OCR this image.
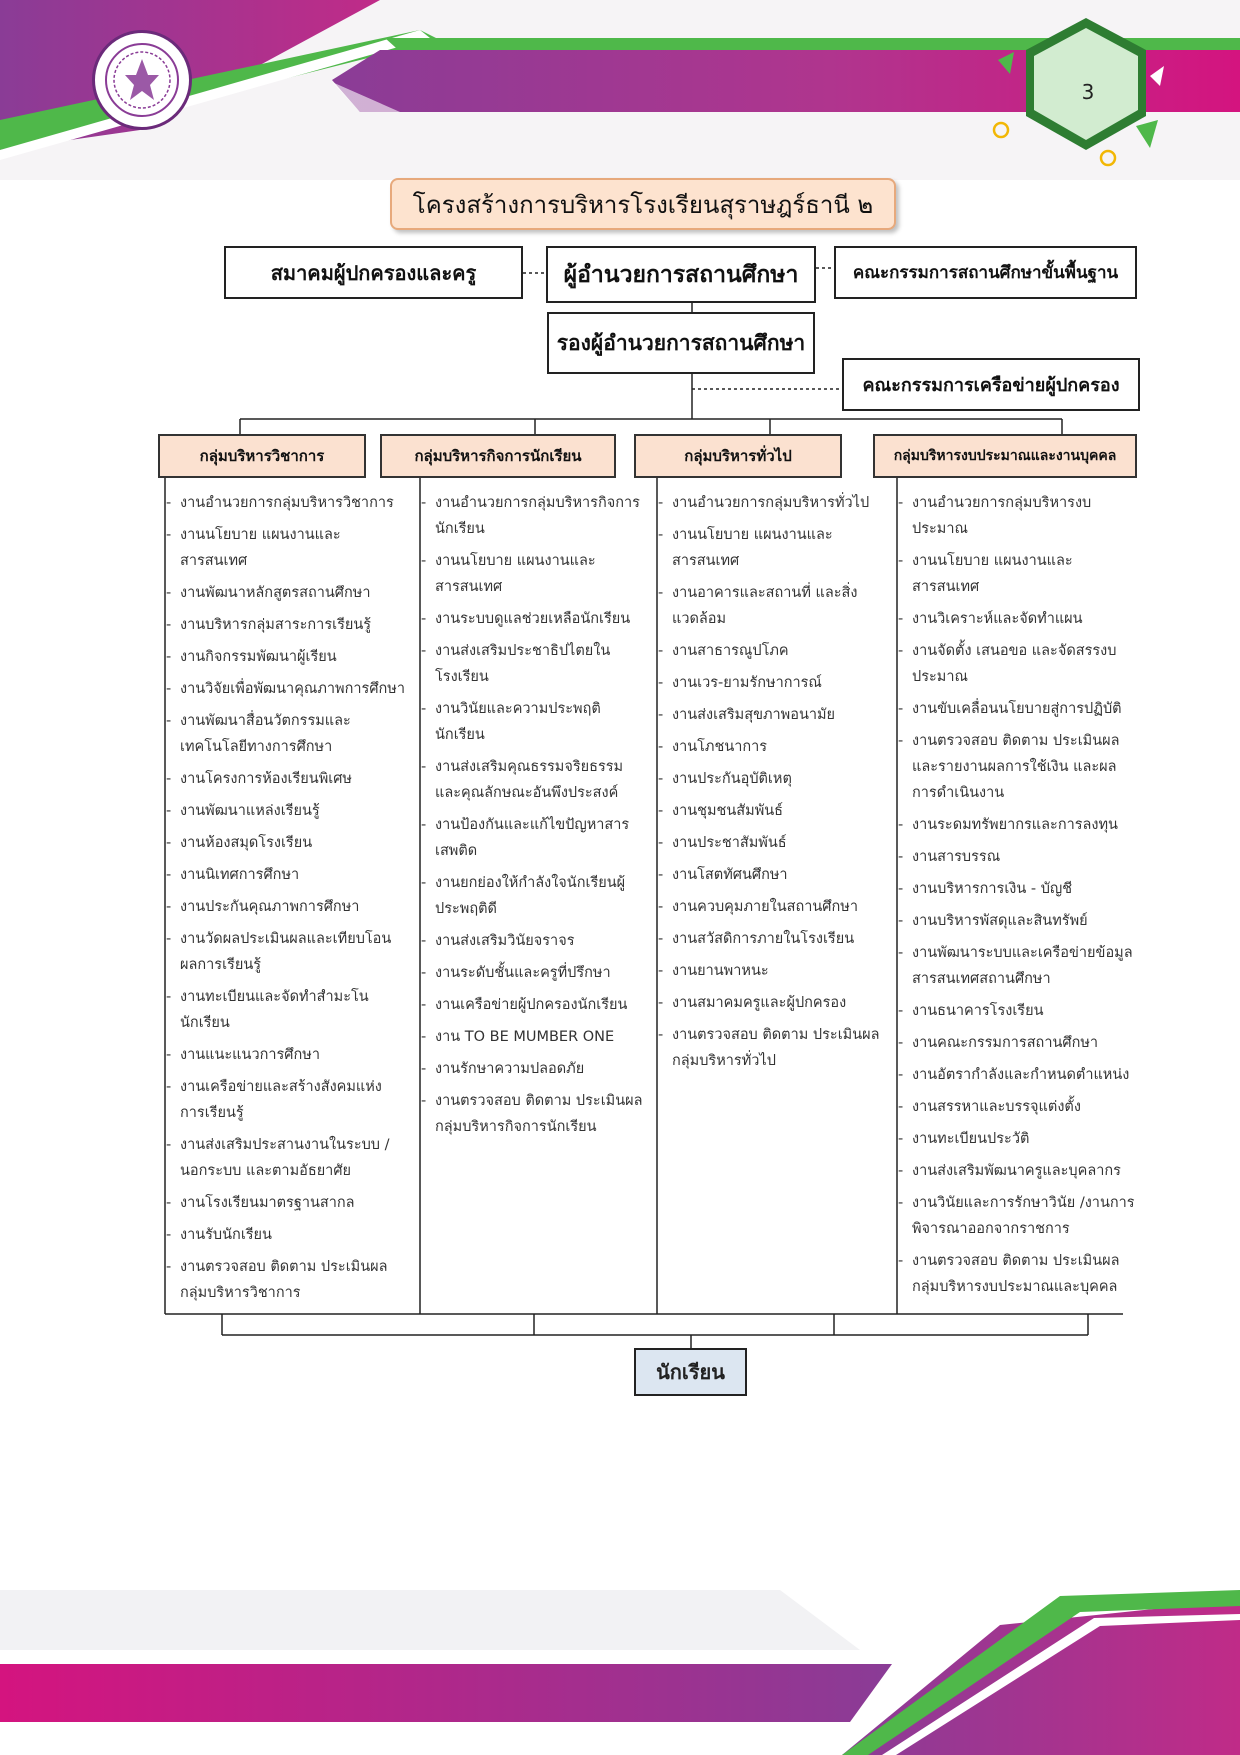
3
โครงสร้างการบริหารโรงเรียนสุราษฎร์ธานี ๒
สมาคมผู้ปกครองและครู	ผู้อำนวยการสถานศึกษา	คณะกรรมการสถานศึกษาขั้นพื้นฐาน
รองผู้อำนวยการสถานศึกษา
คณะกรรมการเครือข่ายผู้ปกครอง
กลุ่มบริหารวิชาการ	กลุ่มบริหารกิจการนักเรียน	กลุ่มบริหารทั่วไป	กลุ่มบริหารงบประมาณและงานบุคคล
- งานอำนวยการกลุ่มบริหารวิชาการ
- งานนโยบาย แผนงานและสารสนเทศ
- งานพัฒนาหลักสูตรสถานศึกษา
- งานบริหารกลุ่มสาระการเรียนรู้
- งานกิจกรรมพัฒนาผู้เรียน
- งานวิจัยเพื่อพัฒนาคุณภาพการศึกษา
- งานพัฒนาสื่อนวัตกรรมและเทคโนโลยีทางการศึกษา
- งานโครงการห้องเรียนพิเศษ
- งานพัฒนาแหล่งเรียนรู้
- งานห้องสมุดโรงเรียน
- งานนิเทศการศึกษา
- งานประกันคุณภาพการศึกษา
- งานวัดผลประเมินผลและเทียบโอนผลการเรียนรู้
- งานทะเบียนและจัดทำสำมะโนนักเรียน
- งานแนะแนวการศึกษา
- งานเครือข่ายและสร้างสังคมแห่งการเรียนรู้
- งานส่งเสริมประสานงานในระบบ / นอกระบบ และตามอัธยาศัย
- งานโรงเรียนมาตรฐานสากล
- งานรับนักเรียน
- งานตรวจสอบ ติดตาม ประเมินผล กลุ่มบริหารวิชาการ
- งานอำนวยการกลุ่มบริหารกิจการนักเรียน
- งานนโยบาย แผนงานและสารสนเทศ
- งานระบบดูแลช่วยเหลือนักเรียน
- งานส่งเสริมประชาธิปไตยในโรงเรียน
- งานวินัยและความประพฤตินักเรียน
- งานส่งเสริมคุณธรรมจริยธรรมและคุณลักษณะอันพึงประสงค์
- งานป้องกันและแก้ไขปัญหาสารเสพติด
- งานยกย่องให้กำลังใจนักเรียนผู้ประพฤติดี
- งานส่งเสริมวินัยจราจร
- งานระดับชั้นและครูที่ปรึกษา
- งานเครือข่ายผู้ปกครองนักเรียน
- งาน TO BE MUMBER ONE
- งานรักษาความปลอดภัย
- งานตรวจสอบ ติดตาม ประเมินผล กลุ่มบริหารกิจการนักเรียน
- งานอำนวยการกลุ่มบริหารทั่วไป
- งานนโยบาย แผนงานและสารสนเทศ
- งานอาคารและสถานที่ และสิ่งแวดล้อม
- งานสาธารณูปโภค
- งานเวร-ยามรักษาการณ์
- งานส่งเสริมสุขภาพอนามัย
- งานโภชนาการ
- งานประกันอุบัติเหตุ
- งานชุมชนสัมพันธ์
- งานประชาสัมพันธ์
- งานโสตทัศนศึกษา
- งานควบคุมภายในสถานศึกษา
- งานสวัสดิการภายในโรงเรียน
- งานยานพาหนะ
- งานสมาคมครูและผู้ปกครอง
- งานตรวจสอบ ติดตาม ประเมินผล กลุ่มบริหารทั่วไป
- งานอำนวยการกลุ่มบริหารงบประมาณ
- งานนโยบาย แผนงานและสารสนเทศ
- งานวิเคราะห์และจัดทำแผน
- งานจัดตั้ง เสนอขอ และจัดสรรงบประมาณ
- งานขับเคลื่อนนโยบายสู่การปฏิบัติ
- งานตรวจสอบ ติดตาม ประเมินผลและรายงานผลการใช้เงิน และผลการดำเนินงาน
- งานระดมทรัพยากรและการลงทุน
- งานสารบรรณ
- งานบริหารการเงิน - บัญชี
- งานบริหารพัสดุและสินทรัพย์
- งานพัฒนาระบบและเครือข่ายข้อมูลสารสนเทศสถานศึกษา
- งานธนาคารโรงเรียน
- งานคณะกรรมการสถานศึกษา
- งานอัตรากำลังและกำหนดตำแหน่ง
- งานสรรหาและบรรจุแต่งตั้ง
- งานทะเบียนประวัติ
- งานส่งเสริมพัฒนาครูและบุคลากร
- งานวินัยและการรักษาวินัย /งานการพิจารณาออกจากราชการ
- งานตรวจสอบ ติดตาม ประเมินผล กลุ่มบริหารงบประมาณและบุคคล
นักเรียน
